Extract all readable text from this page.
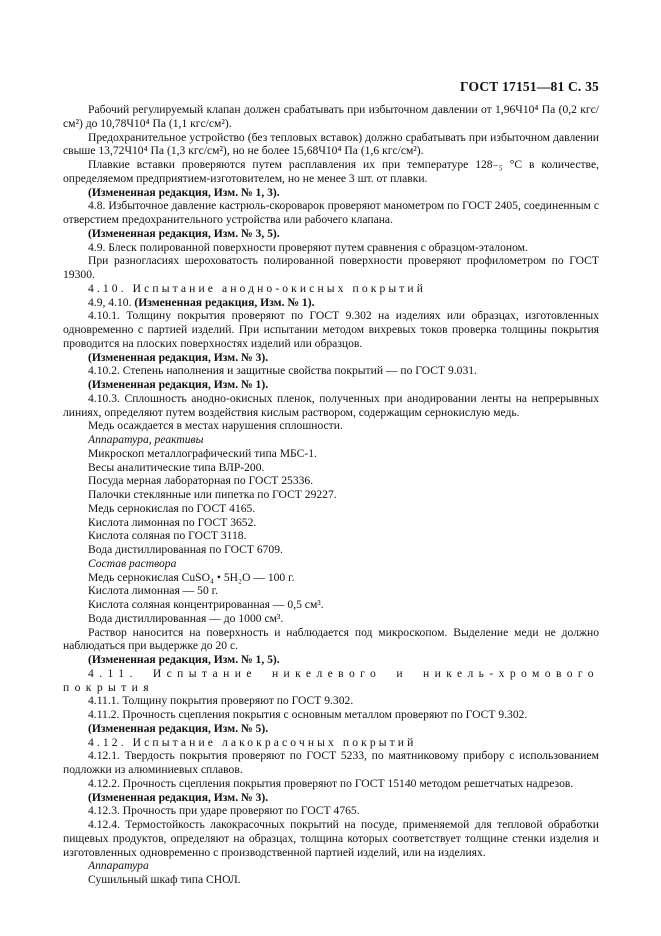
ГОСТ 17151—81 С. 35

Рабочий регулируемый клапан должен срабатывать при избыточном давлении от 1,96Ч10⁴ Па (0,2 кгс/см²) до 10,78Ч10⁴ Па (1,1 кгс/см²).

Предохранительное устройство (без тепловых вставок) должно срабатывать при избыточном давлении свыше 13,72Ч10⁴ Па (1,3 кгс/см²), но не более 15,68Ч10⁴ Па (1,6 кгс/см²).

Плавкие вставки проверяются путем расплавления их при температуре 128₋₅ °С в количестве, определяемом предприятием-изготовителем, но не менее 3 шт. от плавки.

(Измененная редакция, Изм. № 1, 3).

4.8. Избыточное давление кастрюль-скороварок проверяют манометром по ГОСТ 2405, соединенным с отверстием предохранительного устройства или рабочего клапана.

(Измененная редакция, Изм. № 3, 5).

4.9. Блеск полированной поверхности проверяют путем сравнения с образцом-эталоном.

При разногласиях шероховатость полированной поверхности проверяют профилометром по ГОСТ 19300.

4.10. Испытание анодно-окисных покрытий

4.9, 4.10. (Измененная редакция, Изм. № 1).

4.10.1. Толщину покрытия проверяют по ГОСТ 9.302 на изделиях или образцах, изготовленных одновременно с партией изделий. При испытании методом вихревых токов проверка толщины покрытия проводится на плоских поверхностях изделий или образцов.

(Измененная редакция, Изм. № 3).

4.10.2. Степень наполнения и защитные свойства покрытий — по ГОСТ 9.031.

(Измененная редакция, Изм. № 1).

4.10.3. Сплошность анодно-окисных пленок, полученных при анодировании ленты на непрерывных линиях, определяют путем воздействия кислым раствором, содержащим сернокислую медь.

Медь осаждается в местах нарушения сплошности.

Аппаратура, реактивы

Микроскоп металлографический типа МБС-1.

Весы аналитические типа ВЛР-200.

Посуда мерная лабораторная по ГОСТ 25336.

Палочки стеклянные или пипетка по ГОСТ 29227.

Медь сернокислая по ГОСТ 4165.

Кислота лимонная по ГОСТ 3652.

Кислота соляная по ГОСТ 3118.

Вода дистиллированная по ГОСТ 6709.

Состав раствора

Медь сернокислая CuSO₄ • 5H₂O — 100 г.

Кислота лимонная — 50 г.

Кислота соляная концентрированная — 0,5 см³.

Вода дистиллированная — до 1000 см³.

Раствор наносится на поверхность и наблюдается под микроскопом. Выделение меди не должно наблюдаться при выдержке до 20 с.

(Измененная редакция, Изм. № 1, 5).

4.11. Испытание никелевого и никель-хромового покрытия

4.11.1. Толщину покрытия проверяют по ГОСТ 9.302.

4.11.2. Прочность сцепления покрытия с основным металлом проверяют по ГОСТ 9.302.

(Измененная редакция, Изм. № 5).

4.12. Испытание лакокрасочных покрытий

4.12.1. Твердость покрытия проверяют по ГОСТ 5233, по маятниковому прибору с использованием подложки из алюминиевых сплавов.

4.12.2. Прочность сцепления покрытия проверяют по ГОСТ 15140 методом решетчатых надрезов.

(Измененная редакция, Изм. № 3).

4.12.3. Прочность при ударе проверяют по ГОСТ 4765.

4.12.4. Термостойкость лакокрасочных покрытий на посуде, применяемой для тепловой обработки пищевых продуктов, определяют на образцах, толщина которых соответствует толщине стенки изделия и изготовленных одновременно с производственной партией изделий, или на изделиях.

Аппаратура

Сушильный шкаф типа СНОЛ.
